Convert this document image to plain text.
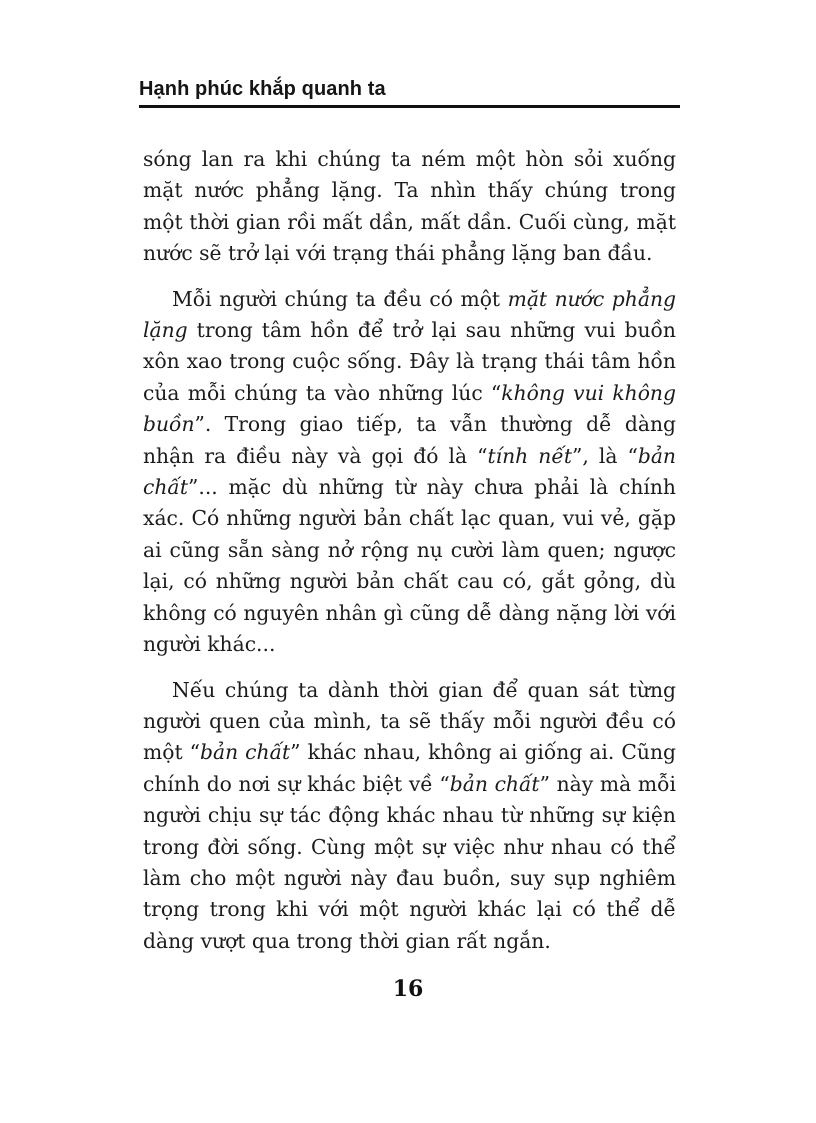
Hạnh phúc khắp quanh ta

sóng lan ra khi chúng ta ném một hòn sỏi xuống mặt nước phẳng lặng. Ta nhìn thấy chúng trong một thời gian rồi mất dần, mất dần. Cuối cùng, mặt nước sẽ trở lại với trạng thái phẳng lặng ban đầu.

Mỗi người chúng ta đều có một mặt nước phẳng lặng trong tâm hồn để trở lại sau những vui buồn xôn xao trong cuộc sống. Đây là trạng thái tâm hồn của mỗi chúng ta vào những lúc “không vui không buồn”. Trong giao tiếp, ta vẫn thường dễ dàng nhận ra điều này và gọi đó là “tính nết”, là “bản chất”... mặc dù những từ này chưa phải là chính xác. Có những người bản chất lạc quan, vui vẻ, gặp ai cũng sẵn sàng nở rộng nụ cười làm quen; ngược lại, có những người bản chất cau có, gắt gỏng, dù không có nguyên nhân gì cũng dễ dàng nặng lời với người khác...

Nếu chúng ta dành thời gian để quan sát từng người quen của mình, ta sẽ thấy mỗi người đều có một “bản chất” khác nhau, không ai giống ai. Cũng chính do nơi sự khác biệt về “bản chất” này mà mỗi người chịu sự tác động khác nhau từ những sự kiện trong đời sống. Cùng một sự việc như nhau có thể làm cho một người này đau buồn, suy sụp nghiêm trọng trong khi với một người khác lại có thể dễ dàng vượt qua trong thời gian rất ngắn.

16
